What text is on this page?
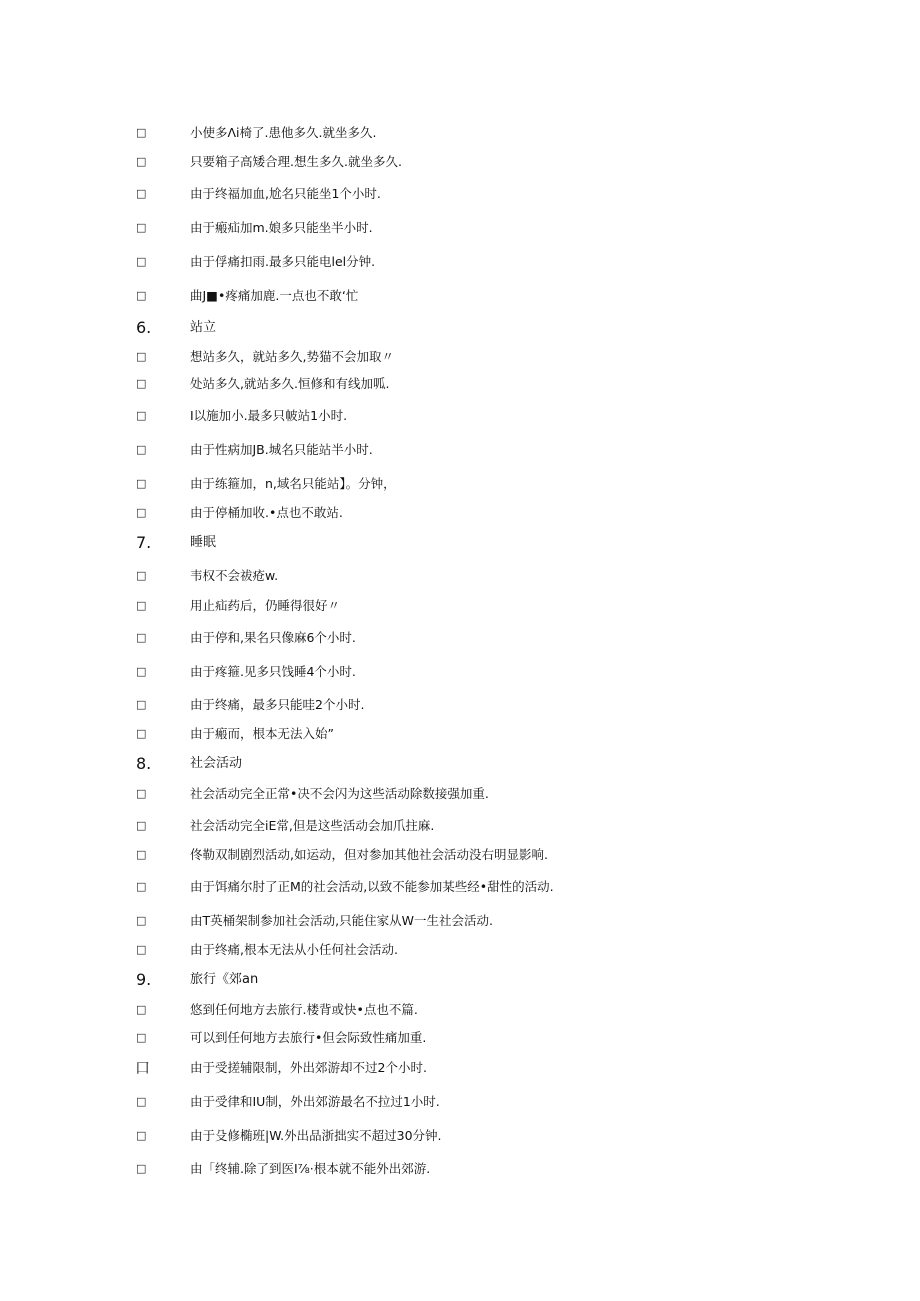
□	小使多Λi椅了.患他多久.就坐多久.
□	只要箱子高矮合理.想生多久.就坐多久.
□	由于终福加血,尬名只能坐1个小时.
□	由于瘢疝加m.娘多只能坐半小时.
□	由于俘痛扣雨.最多只能电lel分钟.
□	曲J■•疼痛加鹿.一点也不敢‘忙
6.	站立
□	想站多久，就站多久,势猫不会加取〃
□	处站多久,就站多久.恒修和有线加呱.
□	I以施加小.最多只帔站1小时.
□	由于性病加JB.城名只能站半小时.
□	由于练箍加，n,域名只能站】。分钟，
□	由于停桶加收.•点也不敢站.
7.	睡眠
□	韦权不会祓疮w.
□	用止疝药后，仍睡得很好〃
□	由于停和,果名只像麻6个小时.
□	由于疼箍.见多只饯睡4个小时.
□	由于终痛，最多只能哇2个小时.
□	由于瘢而，根本无法入始”
8.	社会活动
□	社会活动完全正常•决不会闪为这些活动除数接强加重.
□	社会活动完全iE常,但是这些活动会加爪拄麻.
□	佟勒双制剧烈活动,如运动，但对参加其他社会活动没右明显影响.
□	由于饵痛尔肘了正M的社会活动,以致不能参加某些经•甜性的活动.
□	由T英桶架制参加社会活动,只能住家从W一生社会活动.
□	由于终痛,根本无法从小任何社会活动.
9.	旅行《郊an
□	悠到任何地方去旅行.楼背或快•点也不篇.
□	可以到任何地方去旅行•但会际致性痛加重.
口	由于受搓辅限制，外出郊游却不过2个小时.
□	由于受律和IU制，外出郊游最名不拉过1小时.
□	由于殳修椭班|W.外出品浙拙实不超过30分钟.
□	由「终辅.除了到医I⅞·根本就不能外出郊游.
